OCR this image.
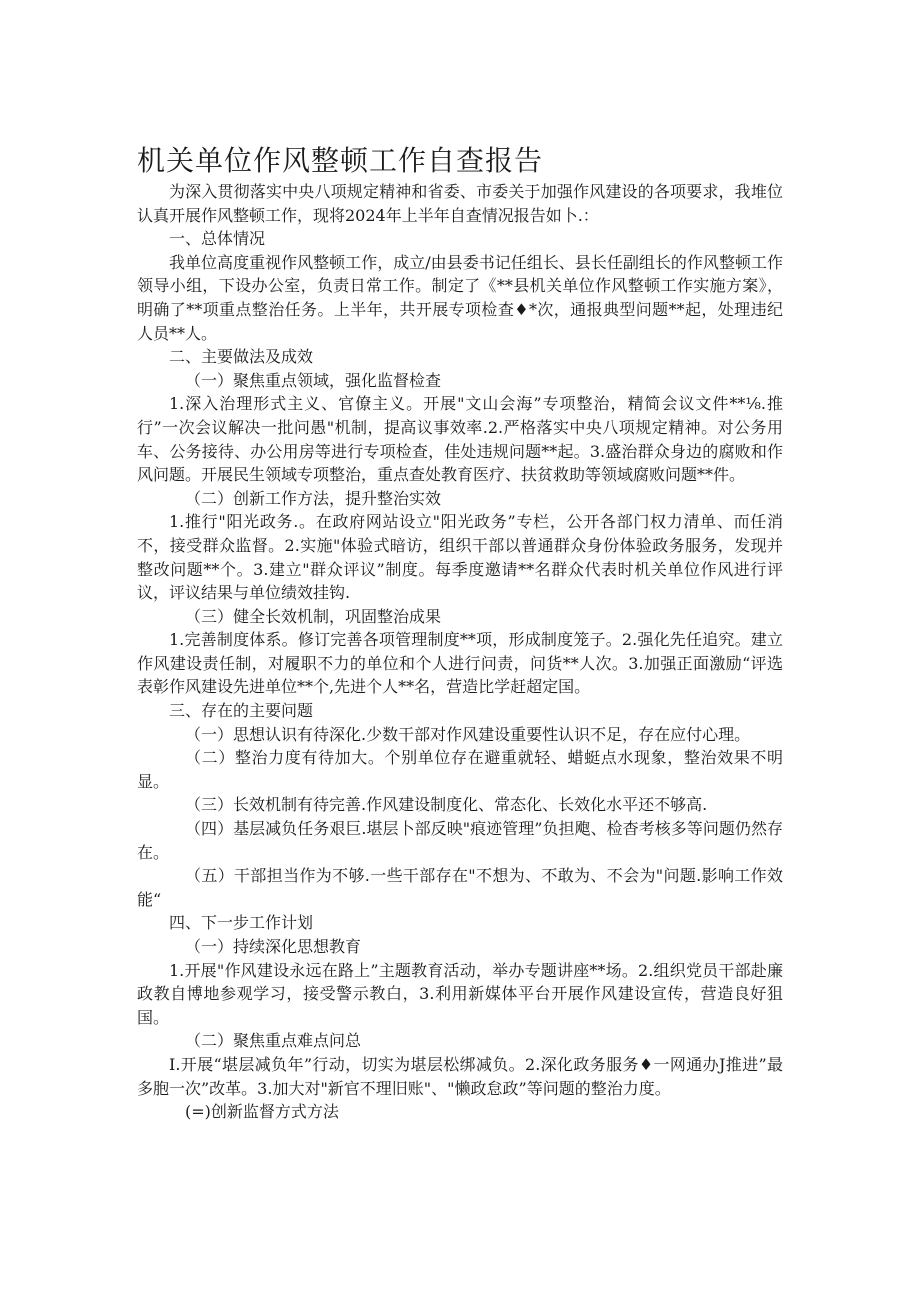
机关单位作风整顿工作自查报告

为深入贯彻落实中央八项规定精神和省委、市委关于加强作风建设的各项要求，我堆位认真开展作风整顿工作，现将2024年上半年自查情况报告如卜.：

一、总体情况

我单位高度重视作风整顿工作，成立/由县委书记任组长、县长任副组长的作风整顿工作领导小组，下设办公室，负责日常工作。制定了《**县机关单位作风整顿工作实施方案》，明确了**项重点整治任务。上半年，共开展专项检查♦*次，通报典型问题**起，处理违纪人员**人。

二、主要做法及成效

（一）聚焦重点领域，强化监督检查

1.深入治理形式主义、官僚主义。开展"文山会海”专项整治，精简会议文件**⅛.推行”一次会议解决一批问愚"机制，提高议事效率.2.严格落实中央八项规定精神。对公务用车、公务接待、办公用房等进行专项检查，佳处违规问题**起。3.盛治群众身边的腐败和作风问题。开展民生领域专项整治，重点查处教育医疗、扶贫救助等领域腐败问题**件。

（二）创新工作方法，提升整治实效

1.推行"阳光政务.。在政府网站设立"阳光政务”专栏，公开各部门权力清单、而任消不，接受群众监督。2.实施"体验式暗访，组织干部以普通群众身份体验政务服务，发现并整改问题**个。3.建立"群众评议”制度。每季度邀请**名群众代表时机关单位作风进行评议，评议结果与单位绩效挂钩.

（三）健全长效机制，巩固整治成果

1.完善制度体系。修订完善各项管理制度**项，形成制度笼子。2.强化先任追究。建立作风建设责任制，对履职不力的单位和个人进行问责，问货**人次。3.加强正面激励“评选表彰作风建设先进单位**个,先进个人**名，营造比学赶超定国。

三、存在的主要问题

（一）思想认识有待深化.少数干部对作风建设重要性认识不足，存在应付心理。

（二）整治力度有待加大。个别单位存在避重就轻、蜡蜓点水现象，整治效果不明显。

（三）长效机制有待完善.作风建设制度化、常态化、长效化水平还不够高.

（四）基层减负任务艰巨.堪层卜部反映"痕迹管理”负担飑、检杳考核多等问题仍然存在。

（五）干部担当作为不够.一些干部存在"不想为、不敢为、不会为"问题.影响工作效能“

四、下一步工作计划

（一）持续深化思想教育

1.开展"作风建设永远在路上”主题教育活动，举办专题讲座**场。2.组织党员干部赴廉政教自博地参观学习，接受警示教白，3.利用新媒体平台开展作风建设宣传，营造良好狙国。

（二）聚焦重点难点问总

I.开展“堪层减负年”行动，切实为堪层松绑减负。2.深化政务服务♦一网通办J推进”最多胞一次”改革。3.加大对"新官不理旧账"、"懒政怠政”等问题的整治力度。

(=)创新监督方式方法
